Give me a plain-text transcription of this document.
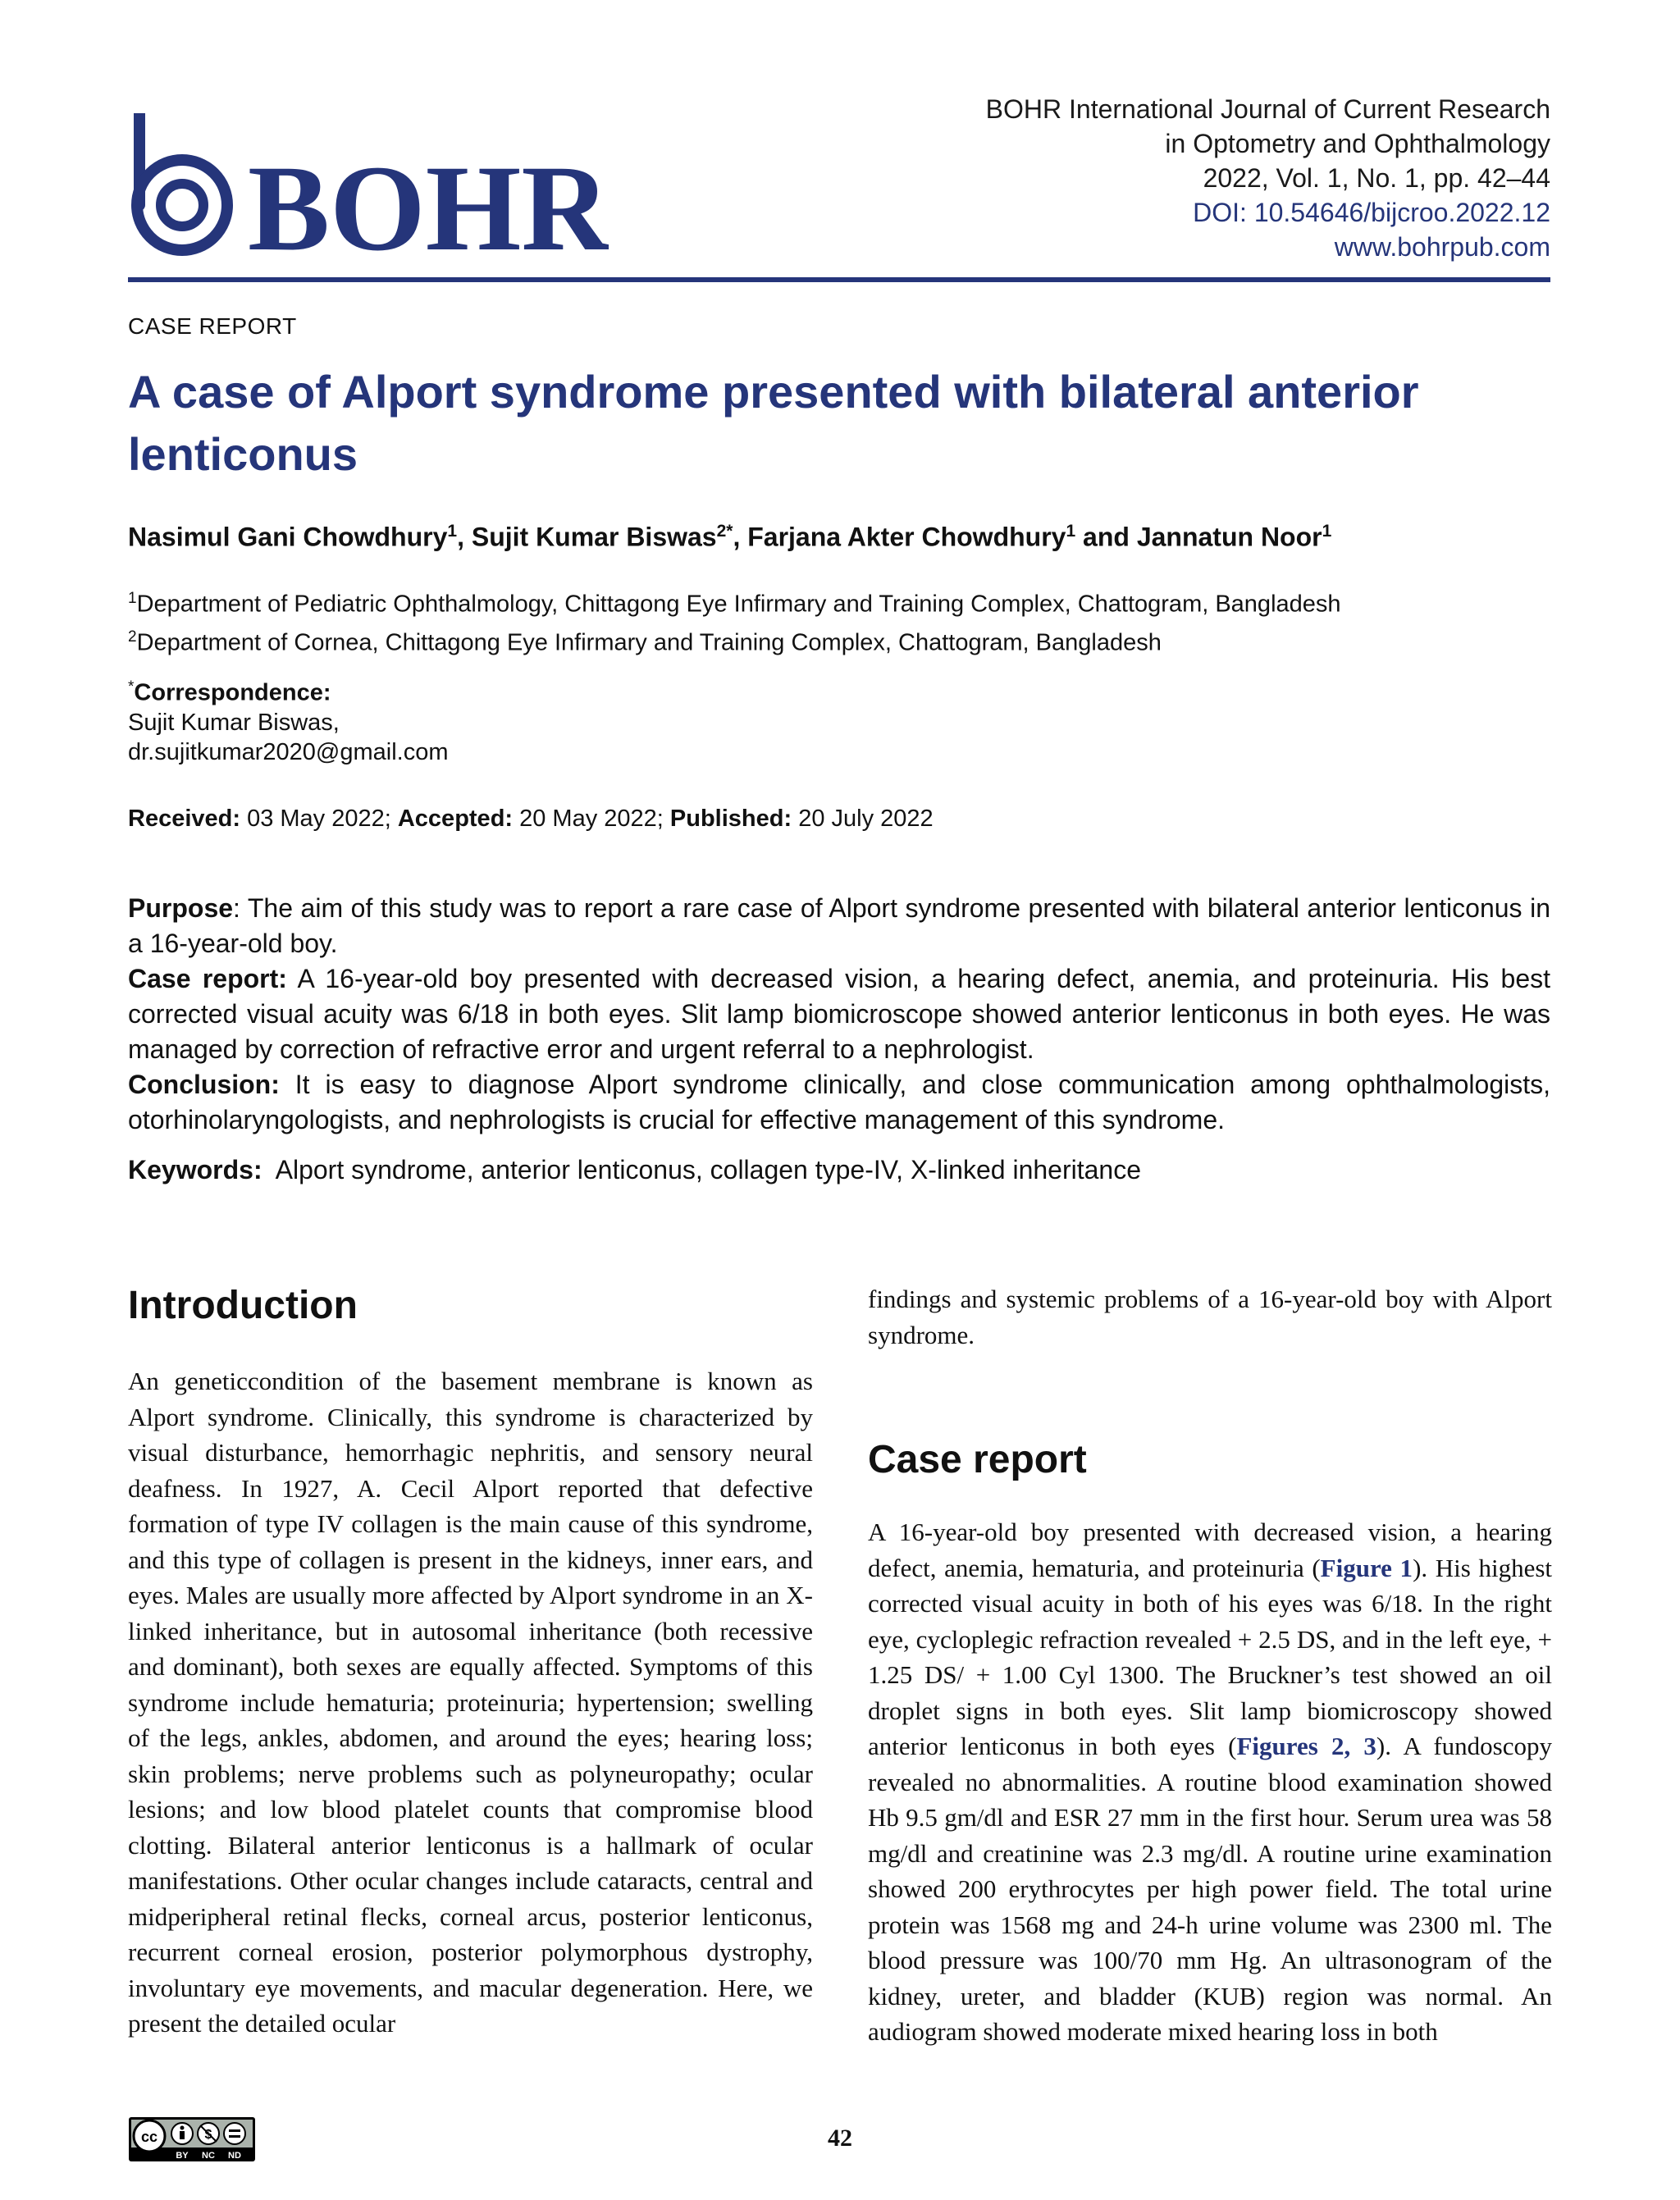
BOHR
BOHR International Journal of Current Research
in Optometry and Ophthalmology
2022, Vol. 1, No. 1, pp. 42–44
DOI: 10.54646/bijcroo.2022.12
www.bohrpub.com
CASE REPORT
A case of Alport syndrome presented with bilateral anterior lenticonus
Nasimul Gani Chowdhury$^1$, Sujit Kumar Biswas$^{2*}$, Farjana Akter Chowdhury$^1$ and Jannatun Noor$^1$
$^1$Department of Pediatric Ophthalmology, Chittagong Eye Infirmary and Training Complex, Chattogram, Bangladesh
$^2$Department of Cornea, Chittagong Eye Infirmary and Training Complex, Chattogram, Bangladesh
*Correspondence:
Sujit Kumar Biswas,
dr.sujitkumar2020@gmail.com
Received: 03 May 2022; Accepted: 20 May 2022; Published: 20 July 2022

Purpose: The aim of this study was to report a rare case of Alport syndrome presented with bilateral anterior lenticonus in a 16-year-old boy.

Case report: A 16-year-old boy presented with decreased vision, a hearing defect, anemia, and proteinuria. His best corrected visual acuity was 6/18 in both eyes. Slit lamp biomicroscope showed anterior lenticonus in both eyes. He was managed by correction of refractive error and urgent referral to a nephrologist.

Conclusion: It is easy to diagnose Alport syndrome clinically, and close communication among ophthalmologists, otorhinolaryngologists, and nephrologists is crucial for effective management of this syndrome.

Keywords: Alport syndrome, anterior lenticonus, collagen type-IV, X-linked inheritance
Introduction
An geneticcondition of the basement membrane is known as Alport syndrome. Clinically, this syndrome is characterized by visual disturbance, hemorrhagic nephritis, and sensory neural deafness. In 1927, A. Cecil Alport reported that defective formation of type IV collagen is the main cause of this syndrome, and this type of collagen is present in the kidneys, inner ears, and eyes. Males are usually more affected by Alport syndrome in an X-linked inheritance, but in autosomal inheritance (both recessive and dominant), both sexes are equally affected. Symptoms of this syndrome include hematuria; proteinuria; hypertension; swelling of the legs, ankles, abdomen, and around the eyes; hearing loss; skin problems; nerve problems such as polyneuropathy; ocular lesions; and low blood platelet counts that compromise blood clotting. Bilateral anterior lenticonus is a hallmark of ocular manifestations. Other ocular changes include cataracts, central and midperipheral retinal flecks, corneal arcus, posterior lenticonus, recurrent corneal erosion, posterior polymorphous dystrophy, involuntary eye movements, and macular degeneration. Here, we present the detailed ocular
findings and systemic problems of a 16-year-old boy with Alport syndrome.
Case report
A 16-year-old boy presented with decreased vision, a hearing defect, anemia, hematuria, and proteinuria (Figure 1). His highest corrected visual acuity in both of his eyes was 6/18. In the right eye, cycloplegic refraction revealed + 2.5 DS, and in the left eye, + 1.25 DS/ + 1.00 Cyl 1300. The Bruckner’s test showed an oil droplet signs in both eyes. Slit lamp biomicroscopy showed anterior lenticonus in both eyes (Figures 2, 3). A fundoscopy revealed no abnormalities. A routine blood examination showed Hb 9.5 gm/dl and ESR 27 mm in the first hour. Serum urea was 58 mg/dl and creatinine was 2.3 mg/dl. A routine urine examination showed 200 erythrocytes per high power field. The total urine protein was 1568 mg and 24-h urine volume was 2300 ml. The blood pressure was 100/70 mm Hg. An ultrasonogram of the kidney, ureter, and bladder (KUB) region was normal. An audiogram showed moderate mixed hearing loss in both
cc	$
BY NC ND
42
